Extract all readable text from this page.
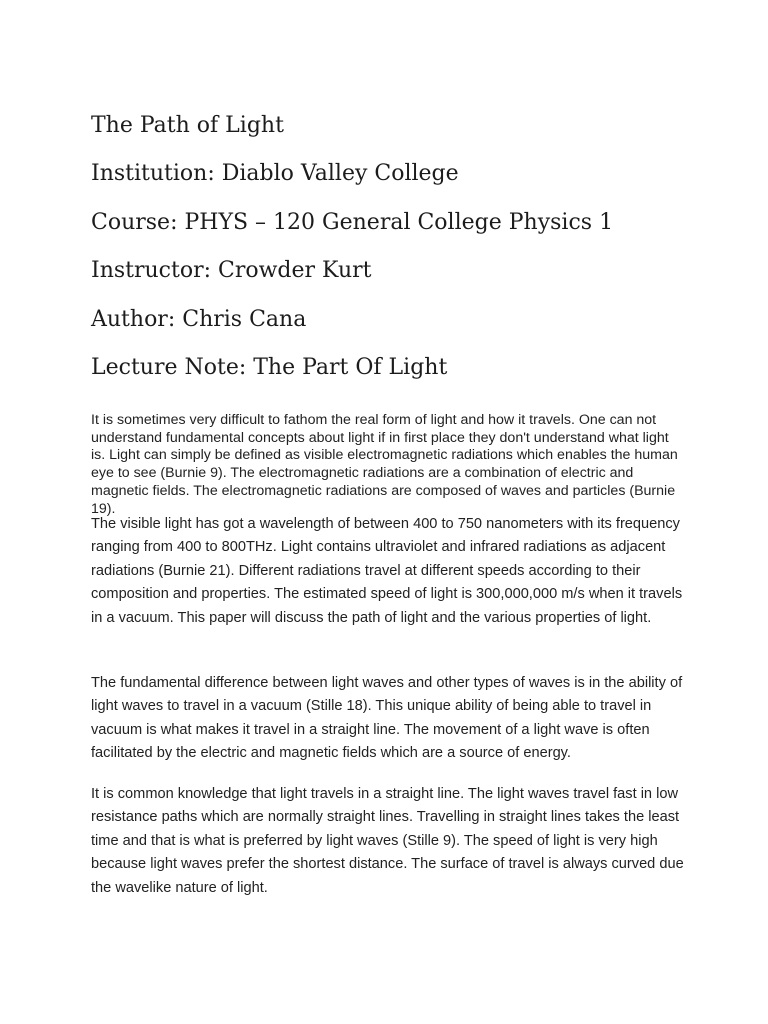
The Path of Light

Institution: Diablo Valley College

Course: PHYS – 120 General College Physics 1

Instructor: Crowder Kurt

Author: Chris Cana

Lecture Note: The Part Of Light

It is sometimes very difficult to fathom the real form of light and how it travels. One can not understand fundamental concepts about light if in first place they don't understand what light is. Light can simply be defined as visible electromagnetic radiations which enables the human eye to see (Burnie 9). The electromagnetic radiations are a combination of electric and magnetic fields. The electromagnetic radiations are composed of waves and particles (Burnie 19).

The visible light has got a wavelength of between 400 to 750 nanometers with its frequency ranging from 400 to 800THz. Light contains ultraviolet and infrared radiations as adjacent radiations (Burnie 21). Different radiations travel at different speeds according to their composition and properties. The estimated speed of light is 300,000,000 m/s when it travels in a vacuum. This paper will discuss the path of light and the various properties of light.

The fundamental difference between light waves and other types of waves is in the ability of light waves to travel in a vacuum (Stille 18). This unique ability of being able to travel in vacuum is what makes it travel in a straight line. The movement of a light wave is often facilitated by the electric and magnetic fields which are a source of energy.

It is common knowledge that light travels in a straight line. The light waves travel fast in low resistance paths which are normally straight lines. Travelling in straight lines takes the least time and that is what is preferred by light waves (Stille 9). The speed of light is very high because light waves prefer the shortest distance. The surface of travel is always curved due the wavelike nature of light.
